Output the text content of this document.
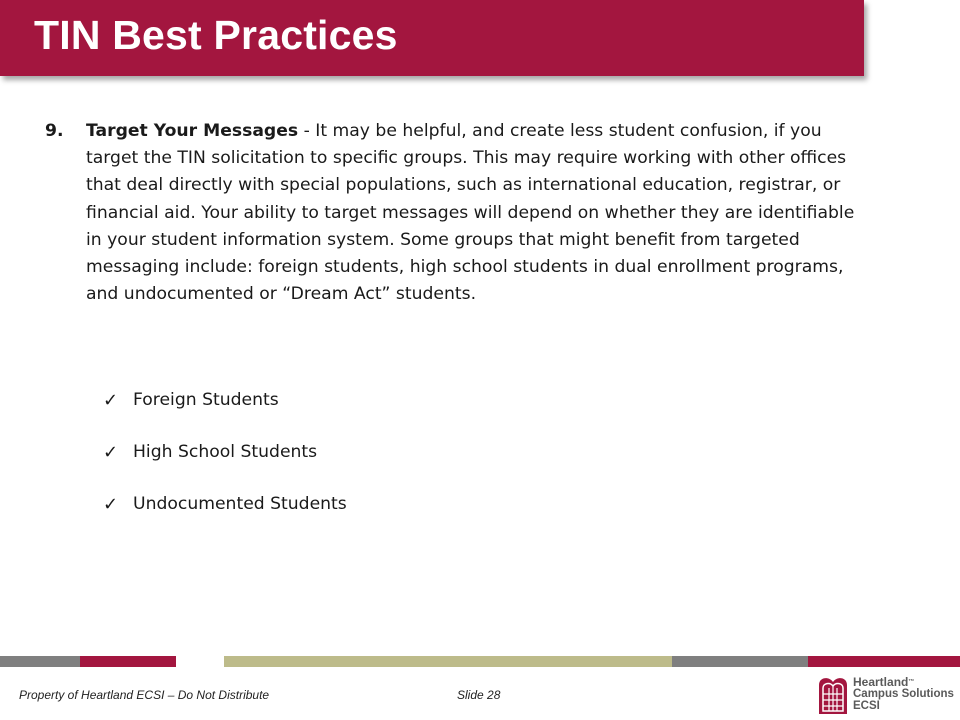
TIN Best Practices
9.	Target Your Messages - It may be helpful, and create less student confusion, if you target the TIN solicitation to specific groups. This may require working with other offices that deal directly with special populations, such as international education, registrar, or financial aid. Your ability to target messages will depend on whether they are identifiable in your student information system. Some groups that might benefit from targeted messaging include: foreign students, high school students in dual enrollment programs, and undocumented or “Dream Act” students.
✓ Foreign Students
✓ High School Students
✓ Undocumented Students
Property of Heartland ECSI – Do Not Distribute	Slide 28
Heartland™
Campus Solutions
ECSI
